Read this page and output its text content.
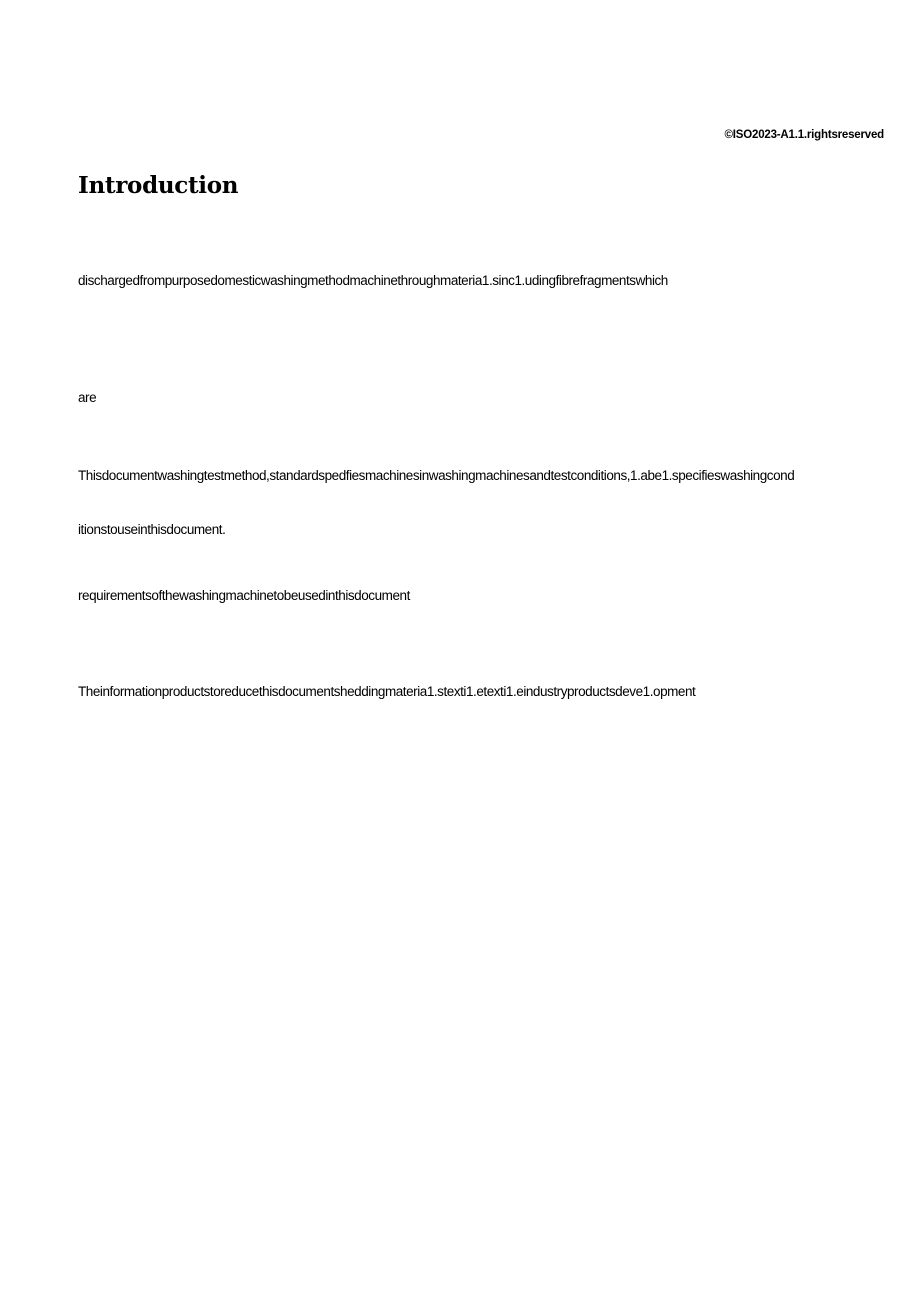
©ISO2023-A1.1.rightsreserved
Introduction

dischargedfrompurposedomesticwashingmethodmachinethroughmateria1.sinc1.udingfibrefragmentswhich

are

Thisdocumentwashingtestmethod,standardspedfiesmachinesinwashingmachinesandtestconditions,1.abe1.specifieswashingcond

itionstouseinthisdocument.

requirementsofthewashingmachinetobeusedinthisdocument

Theinformationproductstoreducethisdocumentsheddingmateria1.stexti1.etexti1.eindustryproductsdeve1.opment
